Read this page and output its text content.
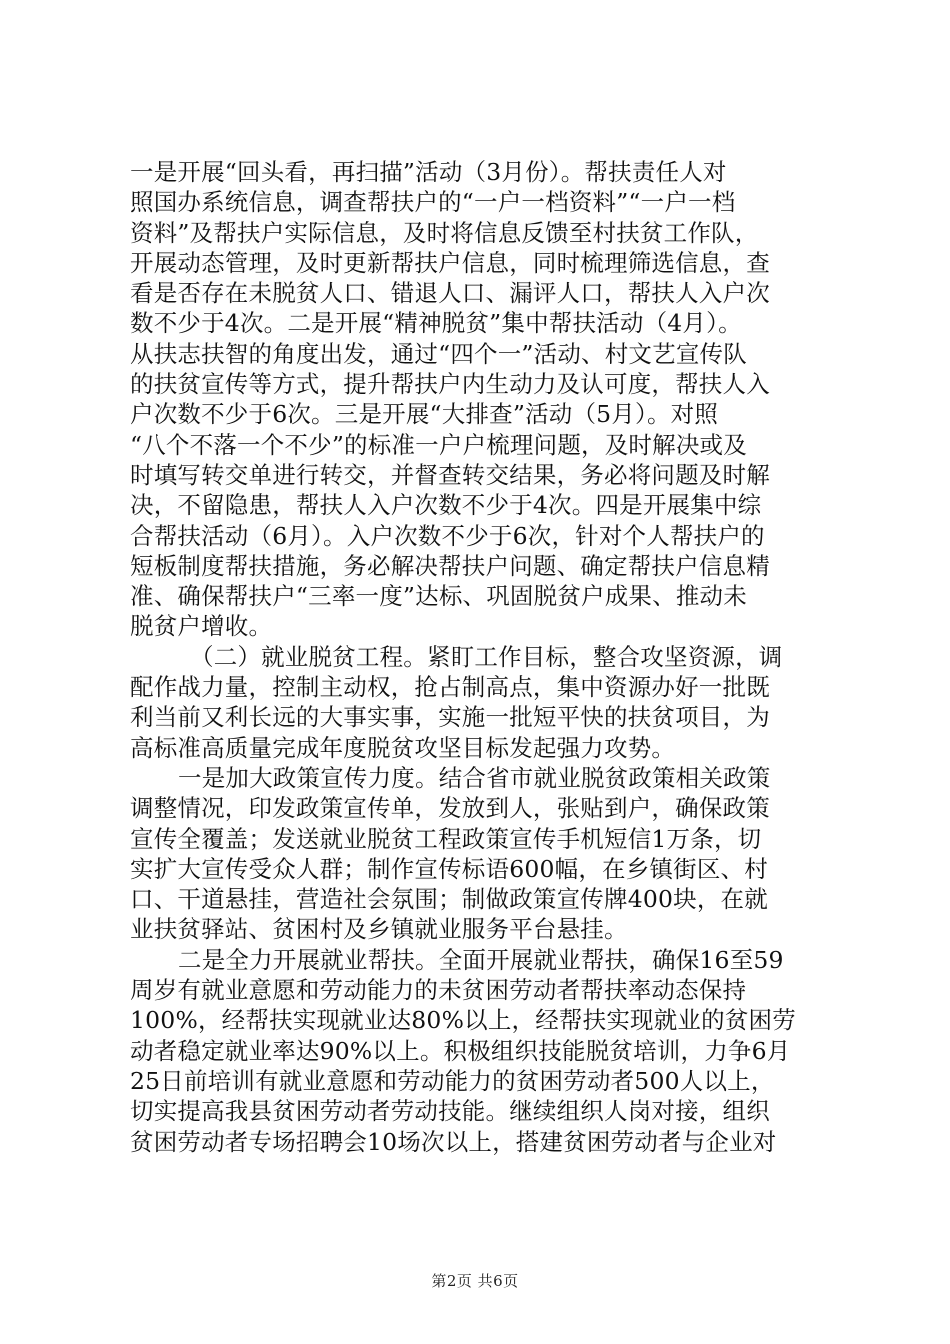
一是开展“回头看，再扫描”活动（3月份）。帮扶责任人对
照国办系统信息，调查帮扶户的“一户一档资料”“一户一档
资料”及帮扶户实际信息，及时将信息反馈至村扶贫工作队，
开展动态管理，及时更新帮扶户信息，同时梳理筛选信息，查
看是否存在未脱贫人口、错退人口、漏评人口，帮扶人入户次
数不少于4次。二是开展“精神脱贫”集中帮扶活动（4月）。
从扶志扶智的角度出发，通过“四个一”活动、村文艺宣传队
的扶贫宣传等方式，提升帮扶户内生动力及认可度，帮扶人入
户次数不少于6次。三是开展“大排查”活动（5月）。对照
“八个不落一个不少”的标准一户户梳理问题，及时解决或及
时填写转交单进行转交，并督查转交结果，务必将问题及时解
决，不留隐患，帮扶人入户次数不少于4次。四是开展集中综
合帮扶活动（6月）。入户次数不少于6次，针对个人帮扶户的
短板制度帮扶措施，务必解决帮扶户问题、确定帮扶户信息精
准、确保帮扶户“三率一度”达标、巩固脱贫户成果、推动未
脱贫户增收。
（二）就业脱贫工程。紧盯工作目标，整合攻坚资源，调
配作战力量，控制主动权，抢占制高点，集中资源办好一批既
利当前又利长远的大事实事，实施一批短平快的扶贫项目，为
高标准高质量完成年度脱贫攻坚目标发起强力攻势。
一是加大政策宣传力度。结合省市就业脱贫政策相关政策
调整情况，印发政策宣传单，发放到人，张贴到户，确保政策
宣传全覆盖；发送就业脱贫工程政策宣传手机短信1万条，切
实扩大宣传受众人群；制作宣传标语600幅，在乡镇街区、村
口、干道悬挂，营造社会氛围；制做政策宣传牌400块，在就
业扶贫驿站、贫困村及乡镇就业服务平台悬挂。
二是全力开展就业帮扶。全面开展就业帮扶，确保16至59
周岁有就业意愿和劳动能力的未贫困劳动者帮扶率动态保持
100%，经帮扶实现就业达80%以上，经帮扶实现就业的贫困劳
动者稳定就业率达90%以上。积极组织技能脱贫培训，力争6月
25日前培训有就业意愿和劳动能力的贫困劳动者500人以上，
切实提高我县贫困劳动者劳动技能。继续组织人岗对接，组织
贫困劳动者专场招聘会10场次以上，搭建贫困劳动者与企业对
第2页 共6页
